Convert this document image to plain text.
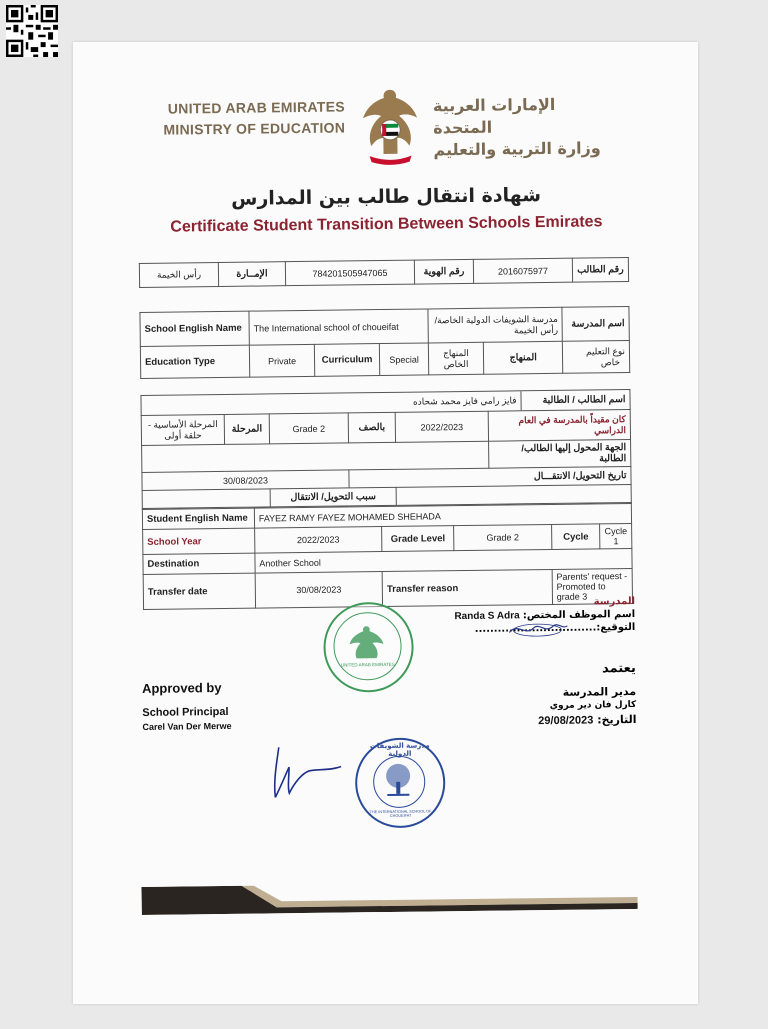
UNITED ARAB EMIRATES
MINISTRY OF EDUCATION
الإمارات العربية المتحدة
وزارة التربية والتعليم
شهادة انتقال طالب بين المدارس
Certificate Student Transition Between Schools Emirates
رأس الخيمة	الإمــارة	784201505947065	رقم الهوية	2016075977	رقم الطالب
School English Name	The International school of choueifat			مدرسة الشويفات الدولية الخاصة/رأس الخيمة		اسم المدرسة
Education Type	Private	Curriculum	Special	المنهاج الخاص	المنهاج	نوع التعليم   خاص
فايز رامي فايز محمد شحاده						اسم الطالب / الطالبة
المرحلة الأساسية - حلقة أولى	المرحلة	Grade 2	بالصف	2022/2023	كان مقيداً بالمدرسة في العام الدراسي	
					الجهة المحول إليها الطالب/ الطالبة	
30/08/2023			تاريخ التحويل/ الانتقـــال			
		سبب التحويل/ الانتقال				
Student English Name	FAYEZ RAMY FAYEZ MOHAMED SHEHADA				
School Year	2022/2023	Grade Level	Grade 2	Cycle	Cycle 1
Destination	Another School				
Transfer date	30/08/2023	Transfer reason		Parents' request - Promoted to grade 3	المدرسة
اسم الموظف المختص: Randa S Adra
التوقيع:................................
UNITED ARAB EMIRATES
Approved by
School Principal
Carel Van Der Merwe
يعتمد
مدير المدرسة
كارل فان دير مروي
التاريخ: 29/08/2023
مدرسة الشويفات الدولية
THE INTERNATIONAL SCHOOL OF CHOUEIFAT
